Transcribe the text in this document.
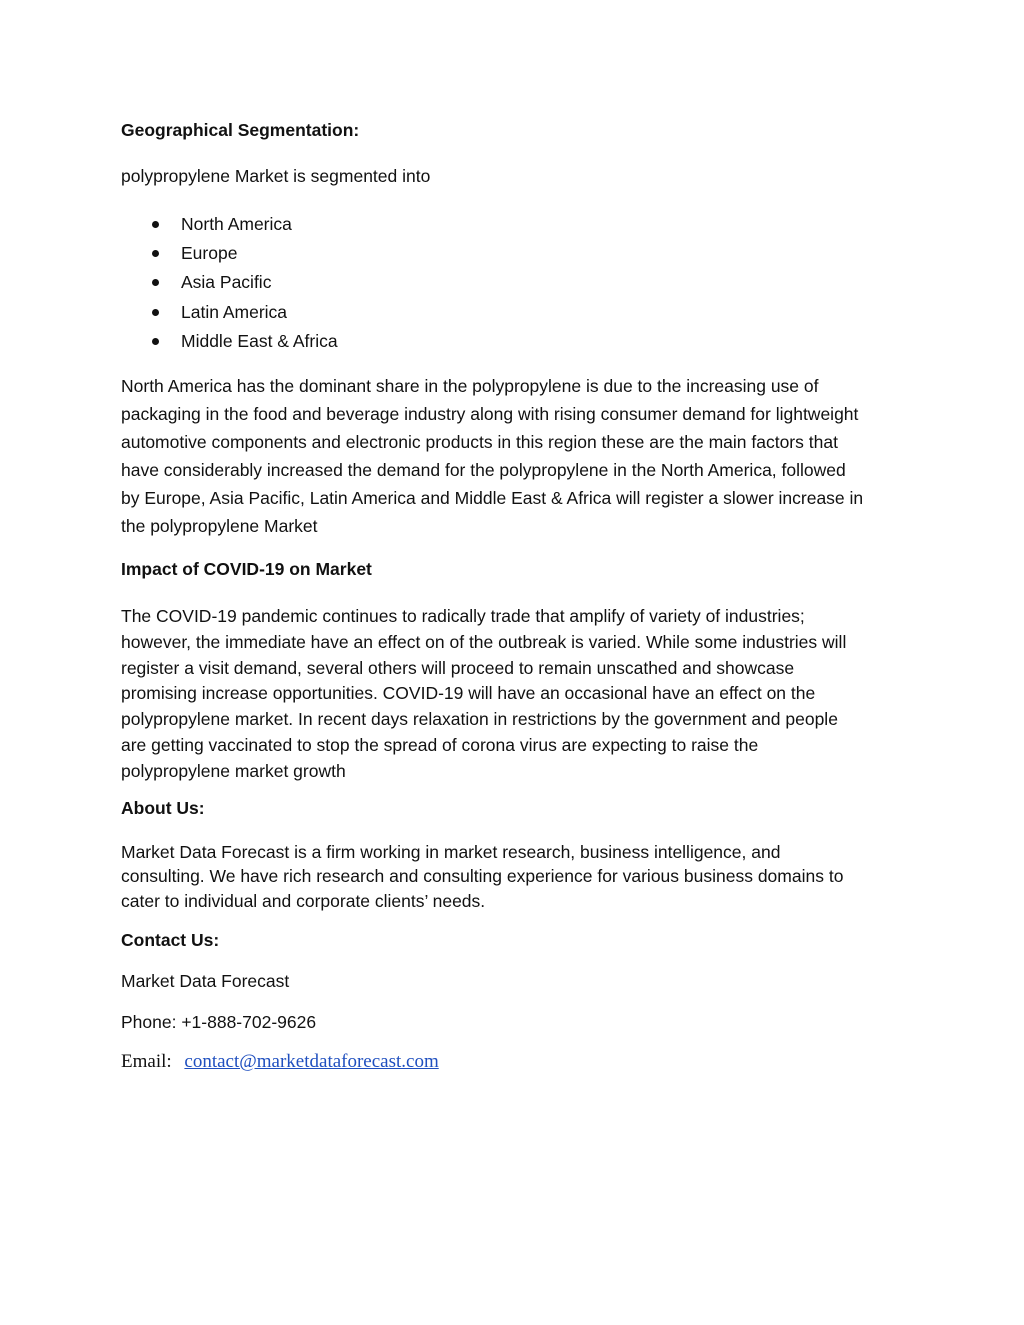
Geographical Segmentation:

polypropylene Market is segmented into

North America
Europe
Asia Pacific
Latin America
Middle East & Africa
North America has the dominant share in the polypropylene is due to the increasing use of
packaging in the food and beverage industry along with rising consumer demand for lightweight
automotive components and electronic products in this region these are the main factors that
have considerably increased the demand for the polypropylene in the North America, followed
by Europe, Asia Pacific, Latin America and Middle East & Africa will register a slower increase in
the polypropylene Market

Impact of COVID-19 on Market

The COVID-19 pandemic continues to radically trade that amplify of variety of industries;
however, the immediate have an effect on of the outbreak is varied. While some industries will
register a visit demand, several others will proceed to remain unscathed and showcase
promising increase opportunities. COVID-19 will have an occasional have an effect on the
polypropylene market. In recent days relaxation in restrictions by the government and people
are getting vaccinated to stop the spread of corona virus are expecting to raise the
polypropylene market growth

About Us:

Market Data Forecast is a firm working in market research, business intelligence, and
consulting. We have rich research and consulting experience for various business domains to
cater to individual and corporate clients’ needs.

Contact Us:

Market Data Forecast

Phone: +1-888-702-9626

Email: contact@marketdataforecast.com
